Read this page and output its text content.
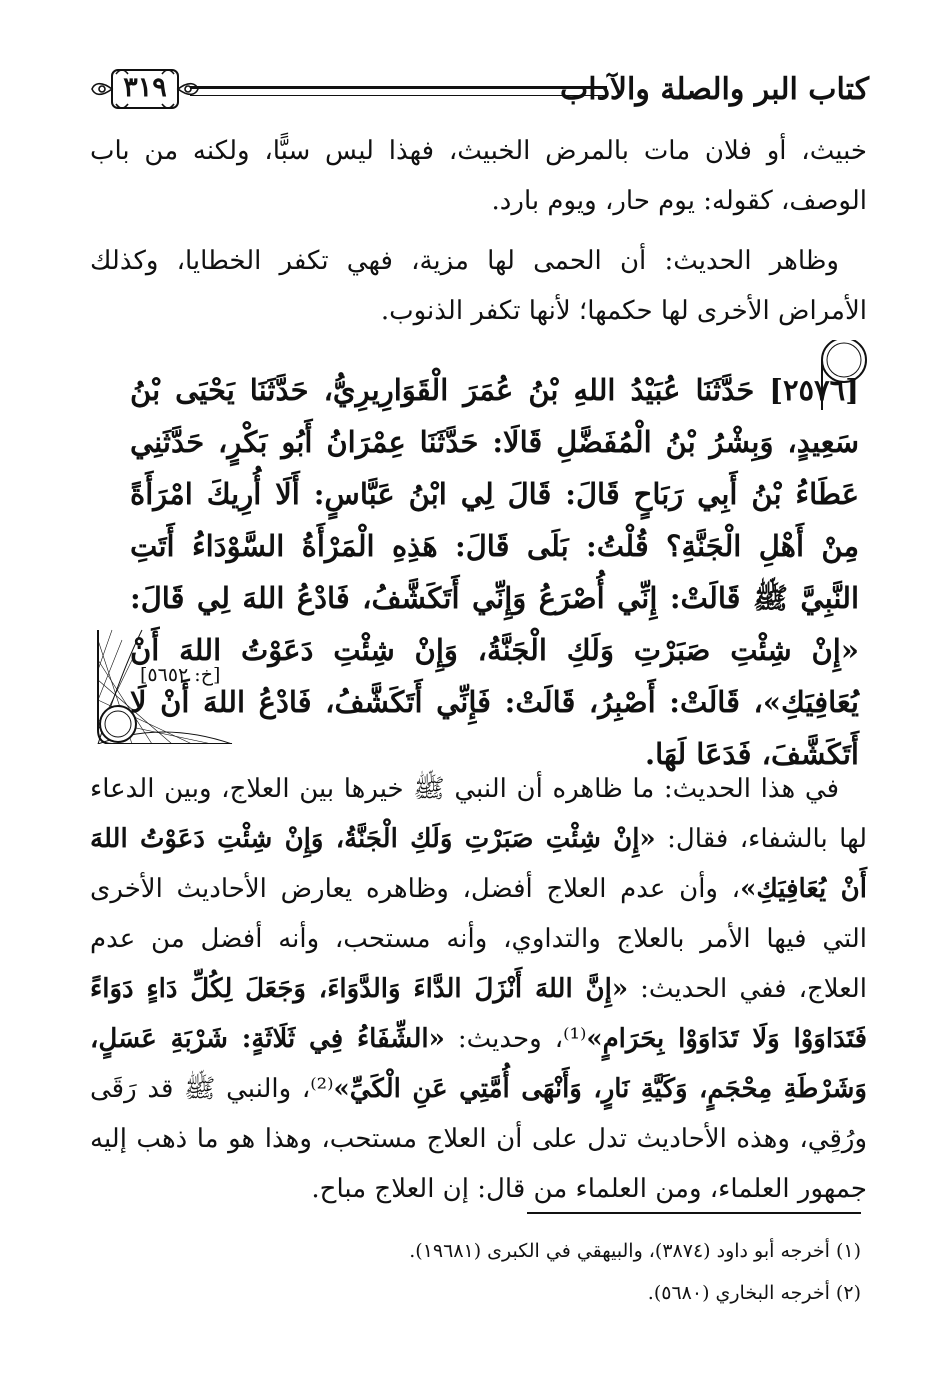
كتاب البر والصلة والآداب
٣١٩

خبيث، أو فلان مات بالمرض الخبيث، فهذا ليس سبًّا، ولكنه من باب الوصف، كقوله: يوم حار، ويوم بارد.

وظاهر الحديث: أن الحمى لها مزية، فهي تكفر الخطايا، وكذلك الأمراض الأخرى لها حكمها؛ لأنها تكفر الذنوب.

[٢٥٧٦] حَدَّثَنَا عُبَيْدُ اللهِ بْنُ عُمَرَ الْقَوَارِيرِيُّ، حَدَّثَنَا يَحْيَى بْنُ سَعِيدٍ، وَبِشْرُ بْنُ الْمُفَضَّلِ قَالَا: حَدَّثَنَا عِمْرَانُ أَبُو بَكْرٍ، حَدَّثَنِي عَطَاءُ بْنُ أَبِي رَبَاحٍ قَالَ: قَالَ لِي ابْنُ عَبَّاسٍ: أَلَا أُرِيكَ امْرَأَةً مِنْ أَهْلِ الْجَنَّةِ؟ قُلْتُ: بَلَى قَالَ: هَذِهِ الْمَرْأَةُ السَّوْدَاءُ أَتَتِ النَّبِيَّ ﷺ قَالَتْ: إِنِّي أُصْرَعُ وَإِنِّي أَتَكَشَّفُ، فَادْعُ اللهَ لِي قَالَ: «إِنْ شِئْتِ صَبَرْتِ وَلَكِ الْجَنَّةُ، وَإِنْ شِئْتِ دَعَوْتُ اللهَ أَنْ يُعَافِيَكِ»، قَالَتْ: أَصْبِرُ، قَالَتْ: فَإِنِّي أَتَكَشَّفُ، فَادْعُ اللهَ أَنْ لَا أَتَكَشَّفَ، فَدَعَا لَهَا.

[خ: ٥٦٥٢]

في هذا الحديث: ما ظاهره أن النبي ﷺ خيرها بين العلاج، وبين الدعاء لها بالشفاء، فقال: «إِنْ شِئْتِ صَبَرْتِ وَلَكِ الْجَنَّةُ، وَإِنْ شِئْتِ دَعَوْتُ اللهَ أَنْ يُعَافِيَكِ»، وأن عدم العلاج أفضل، وظاهره يعارض الأحاديث الأخرى التي فيها الأمر بالعلاج والتداوي، وأنه مستحب، وأنه أفضل من عدم العلاج، ففي الحديث: «إِنَّ اللهَ أَنْزَلَ الدَّاءَ وَالدَّوَاءَ، وَجَعَلَ لِكُلِّ دَاءٍ دَوَاءً فَتَدَاوَوْا وَلَا تَدَاوَوْا بِحَرَامٍ»⁽¹⁾، وحديث: «الشِّفَاءُ فِي ثَلَاثَةٍ: شَرْبَةِ عَسَلٍ، وَشَرْطَةِ مِحْجَمٍ، وَكَيَّةِ نَارٍ، وَأَنْهَى أُمَّتِي عَنِ الْكَيِّ»⁽²⁾، والنبي ﷺ قد رَقَى ورُقِي، وهذه الأحاديث تدل على أن العلاج مستحب، وهذا هو ما ذهب إليه جمهور العلماء، ومن العلماء من قال: إن العلاج مباح.

(١) أخرجه أبو داود (٣٨٧٤)، والبيهقي في الكبرى (١٩٦٨١).

(٢) أخرجه البخاري (٥٦٨٠).
